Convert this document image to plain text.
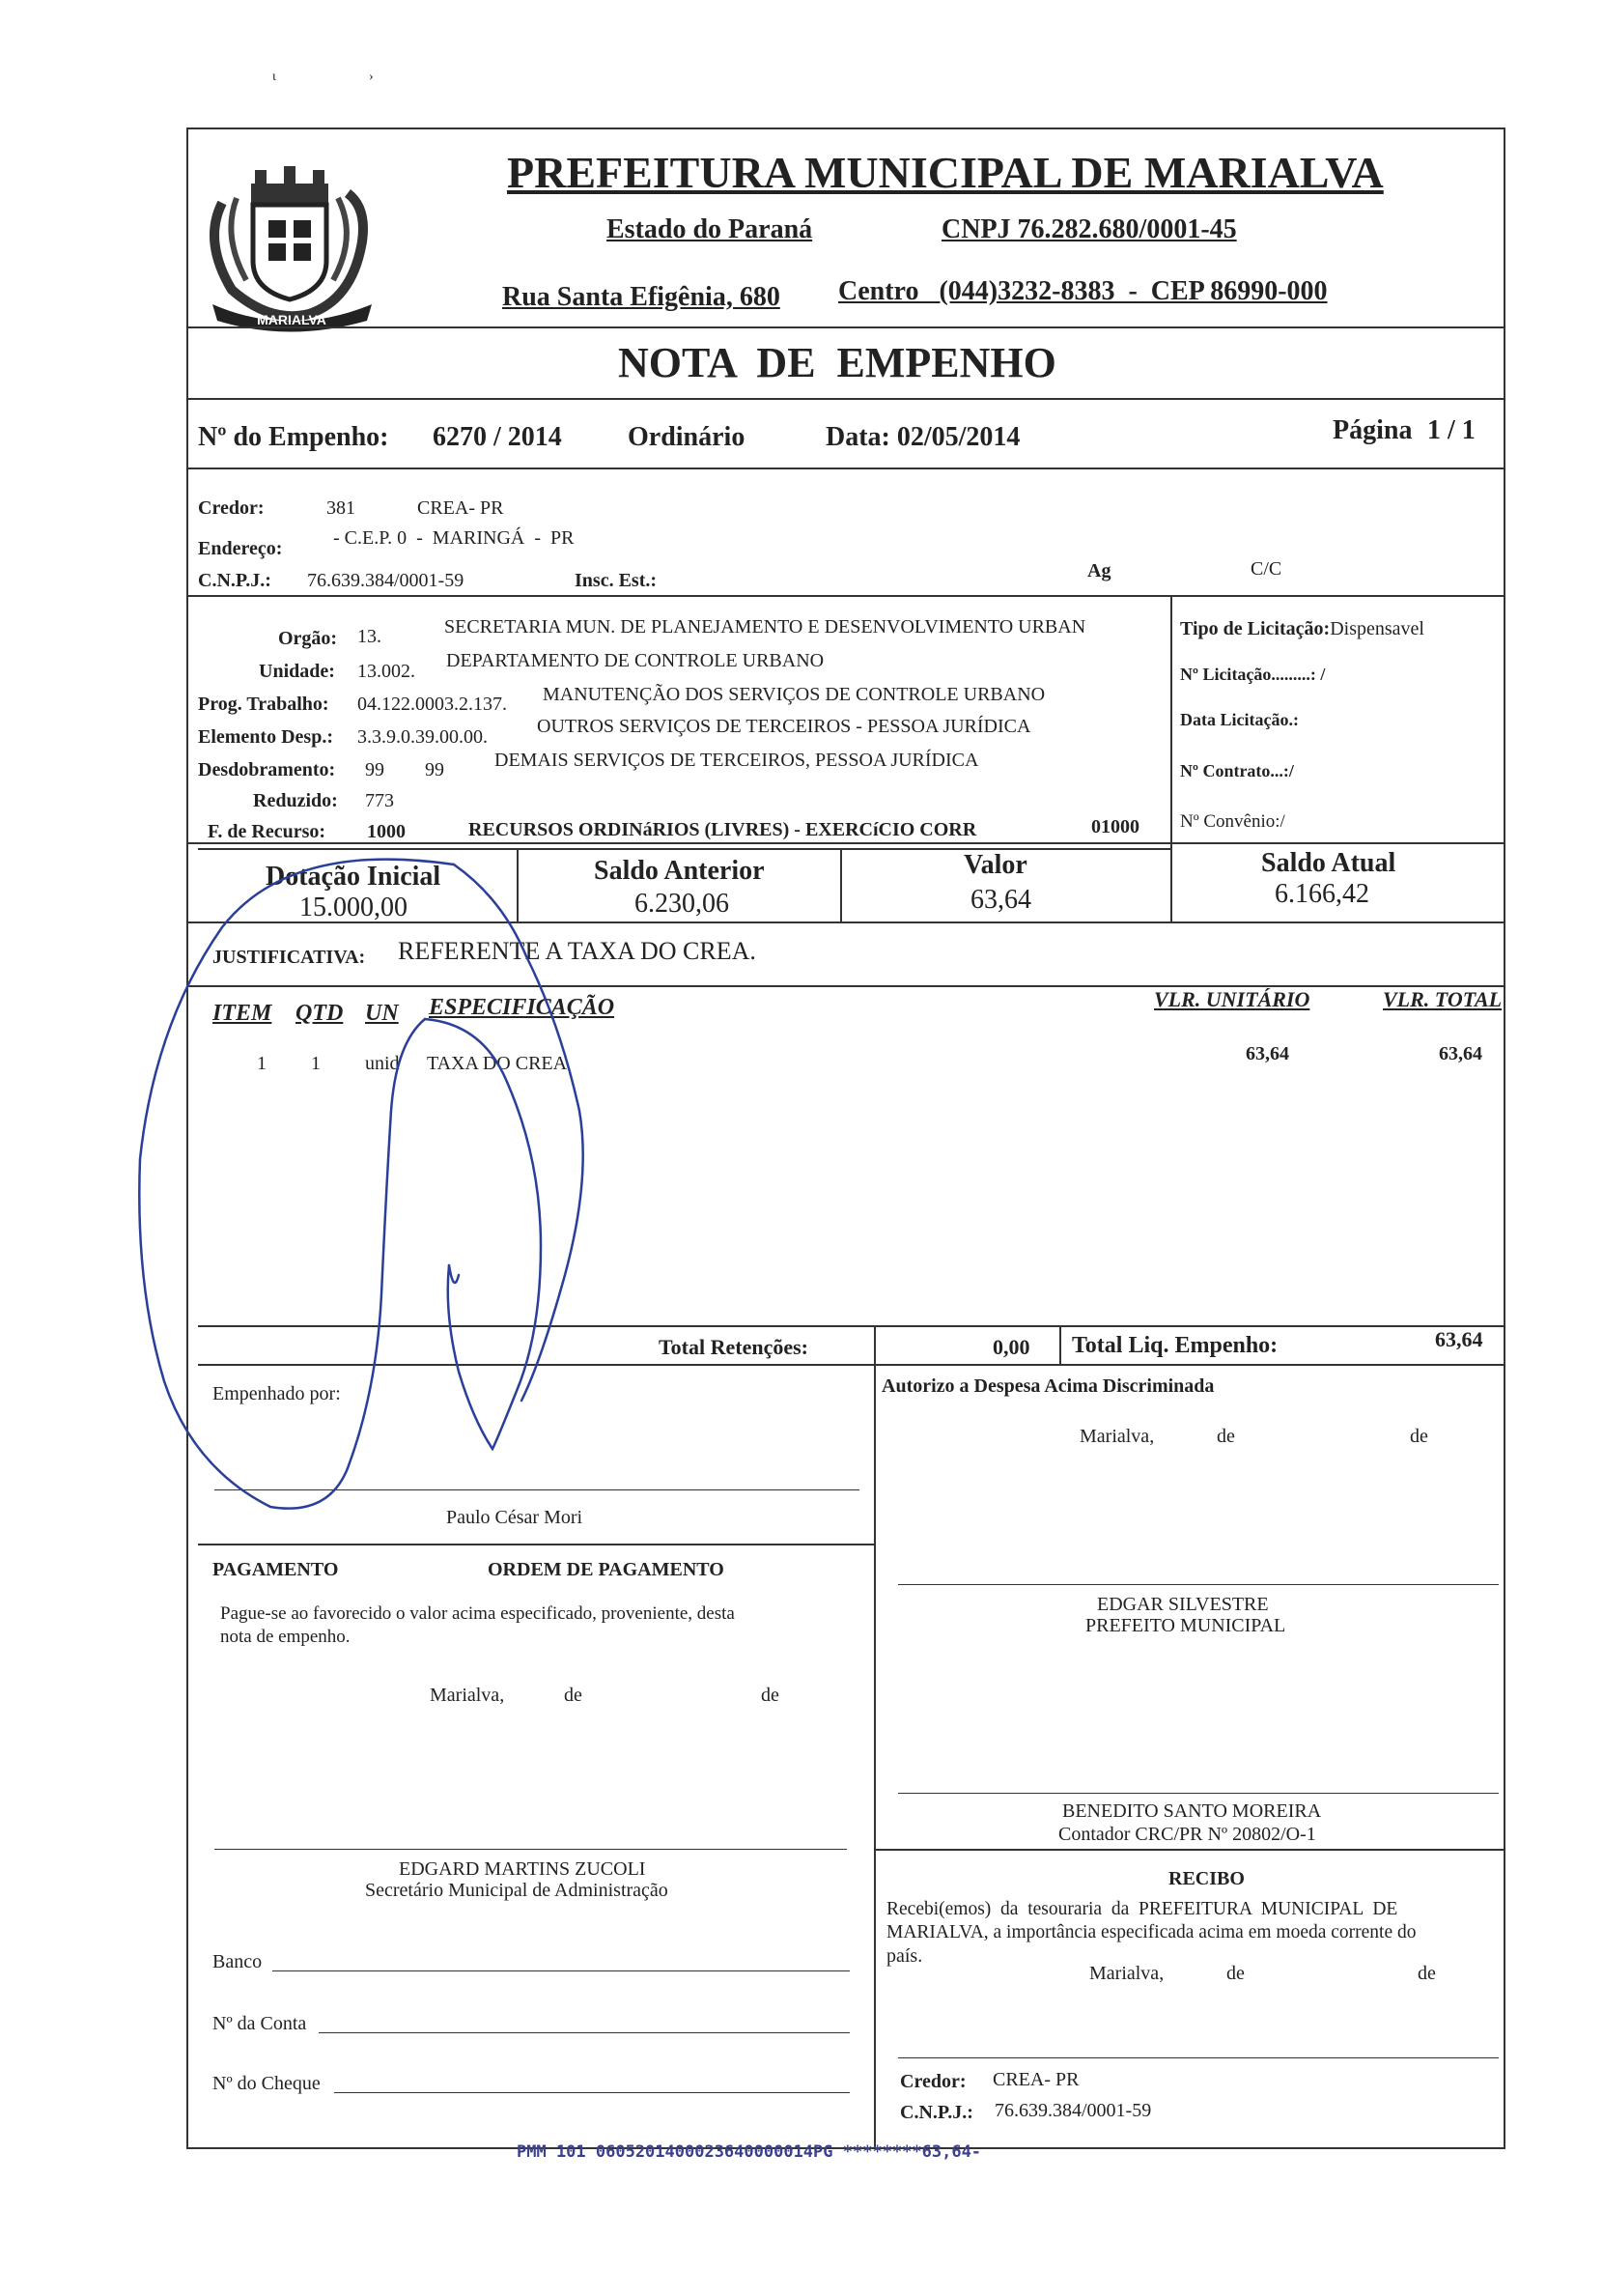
ι	›
MARIALVA
PREFEITURA MUNICIPAL DE MARIALVA
Estado do Paraná	CNPJ 76.282.680/0001-45
Rua Santa Efigênia, 680 Centro   (044)3232-8383  -  CEP 86990-000
NOTA  DE  EMPENHO
Nº do Empenho: 6270 / 2014 Ordinário	Data: 02/05/2014	Página 1 / 1
Credor:	381	CREA- PR
Endereço:	- C.E.P. 0  -  MARINGÁ  -  PR
C.N.P.J.: 76.639.384/0001-59	Insc. Est.:	Ag	C/C
Orgão: 13.	SECRETARIA MUN. DE PLANEJAMENTO E DESENVOLVIMENTO URBAN
Unidade: 13.002. DEPARTAMENTO DE CONTROLE URBANO
Prog. Trabalho: 04.122.0003.2.137. MANUTENÇÃO DOS SERVIÇOS DE CONTROLE URBANO
Elemento Desp.: 3.3.9.0.39.00.00.	OUTROS SERVIÇOS DE TERCEIROS - PESSOA JURÍDICA
Desdobramento: 99 99	DEMAIS SERVIÇOS DE TERCEIROS, PESSOA JURÍDICA
Reduzido: 773
F. de Recurso: 1000	RECURSOS ORDINáRIOS (LIVRES) - EXERCíCIO CORR	01000
Tipo de Licitação:Dispensavel
Nº Licitação.........: /
Data Licitação.:
Nº Contrato...:/
Nº Convênio:/
Dotação Inicial
15.000,00
Saldo Anterior
6.230,06
Valor
63,64
Saldo Atual
6.166,42
JUSTIFICATIVA: REFERENTE A TAXA DO CREA.
ITEM QTD UN ESPECIFICAÇÃO	VLR. UNITÁRIO	VLR. TOTAL
1 1 unid TAXA DO CREA	63,64	63,64
Total Retenções:	0,00 Total Liq. Empenho:	63,64
Empenhado por:
Paulo César Mori
Autorizo a Despesa Acima Discriminada
Marialva,	de	de
EDGAR SILVESTRE
PREFEITO MUNICIPAL
PAGAMENTO	ORDEM DE PAGAMENTO
Pague-se ao favorecido o valor acima especificado, proveniente, desta
nota de empenho.
Marialva,	de	de
EDGARD MARTINS ZUCOLI
Secretário Municipal de Administração
BENEDITO SANTO MOREIRA
Contador CRC/PR Nº 20802/O-1
RECIBO
Recebi(emos)  da  tesouraria  da  PREFEITURA  MUNICIPAL  DE
MARIALVA, a importância especificada acima em moeda corrente do
país.
Marialva,	de	de
Credor: CREA- PR
C.N.P.J.: 76.639.384/0001-59
Banco
Nº da Conta
Nº do Cheque
PMM 101 0605201400023640000014PG ********63,64-
